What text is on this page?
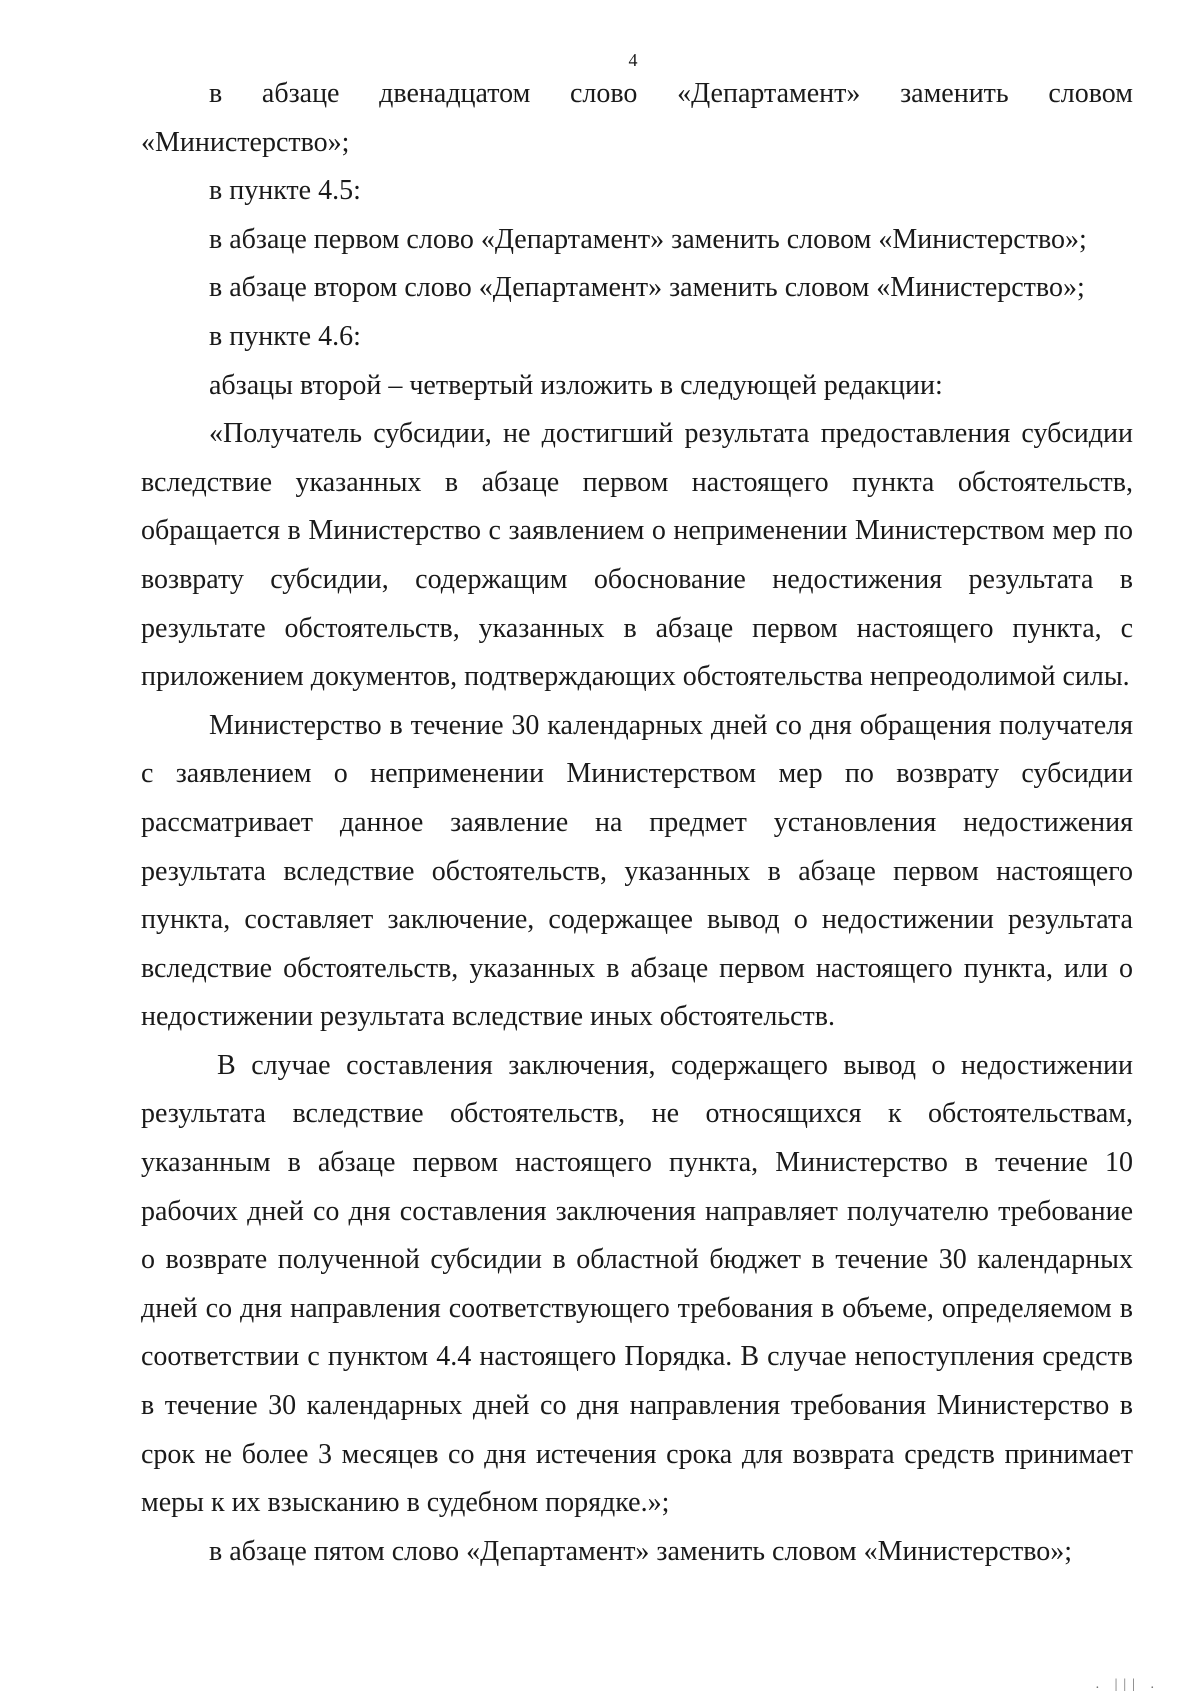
4

в абзаце двенадцатом слово «Департамент» заменить словом «Министерство»;

в пункте 4.5:

в абзаце первом слово «Департамент» заменить словом «Министерство»;

в абзаце втором слово «Департамент» заменить словом «Министерство»;

в пункте 4.6:

абзацы второй – четвертый изложить в следующей редакции:

«Получатель субсидии, не достигший результата предоставления субсидии вследствие указанных в абзаце первом настоящего пункта обстоятельств, обращается в Министерство с заявлением о неприменении Министерством мер по возврату субсидии, содержащим обоснование недостижения результата в результате обстоятельств, указанных в абзаце первом настоящего пункта, с приложением документов, подтверждающих обстоятельства непреодолимой силы.

Министерство в течение 30 календарных дней со дня обращения получателя с заявлением о неприменении Министерством мер по возврату субсидии рассматривает данное заявление на предмет установления недостижения результата вследствие обстоятельств, указанных в абзаце первом настоящего пункта, составляет заключение, содержащее вывод о недостижении результата вследствие обстоятельств, указанных в абзаце первом настоящего пункта, или о недостижении результата вследствие иных обстоятельств.

В случае составления заключения, содержащего вывод о недостижении результата вследствие обстоятельств, не относящихся к обстоятельствам, указанным в абзаце первом настоящего пункта, Министерство в течение 10 рабочих дней со дня составления заключения направляет получателю требование о возврате полученной субсидии в областной бюджет в течение 30 календарных дней со дня направления соответствующего требования в объеме, определяемом в соответствии с пунктом 4.4 настоящего Порядка. В случае непоступления средств в течение 30 календарных дней со дня направления требования Министерство в срок не более 3 месяцев со дня истечения срока для возврата средств принимает меры к их взысканию в судебном порядке.»;

в абзаце пятом слово «Департамент» заменить словом «Министерство»;

. ||| .
